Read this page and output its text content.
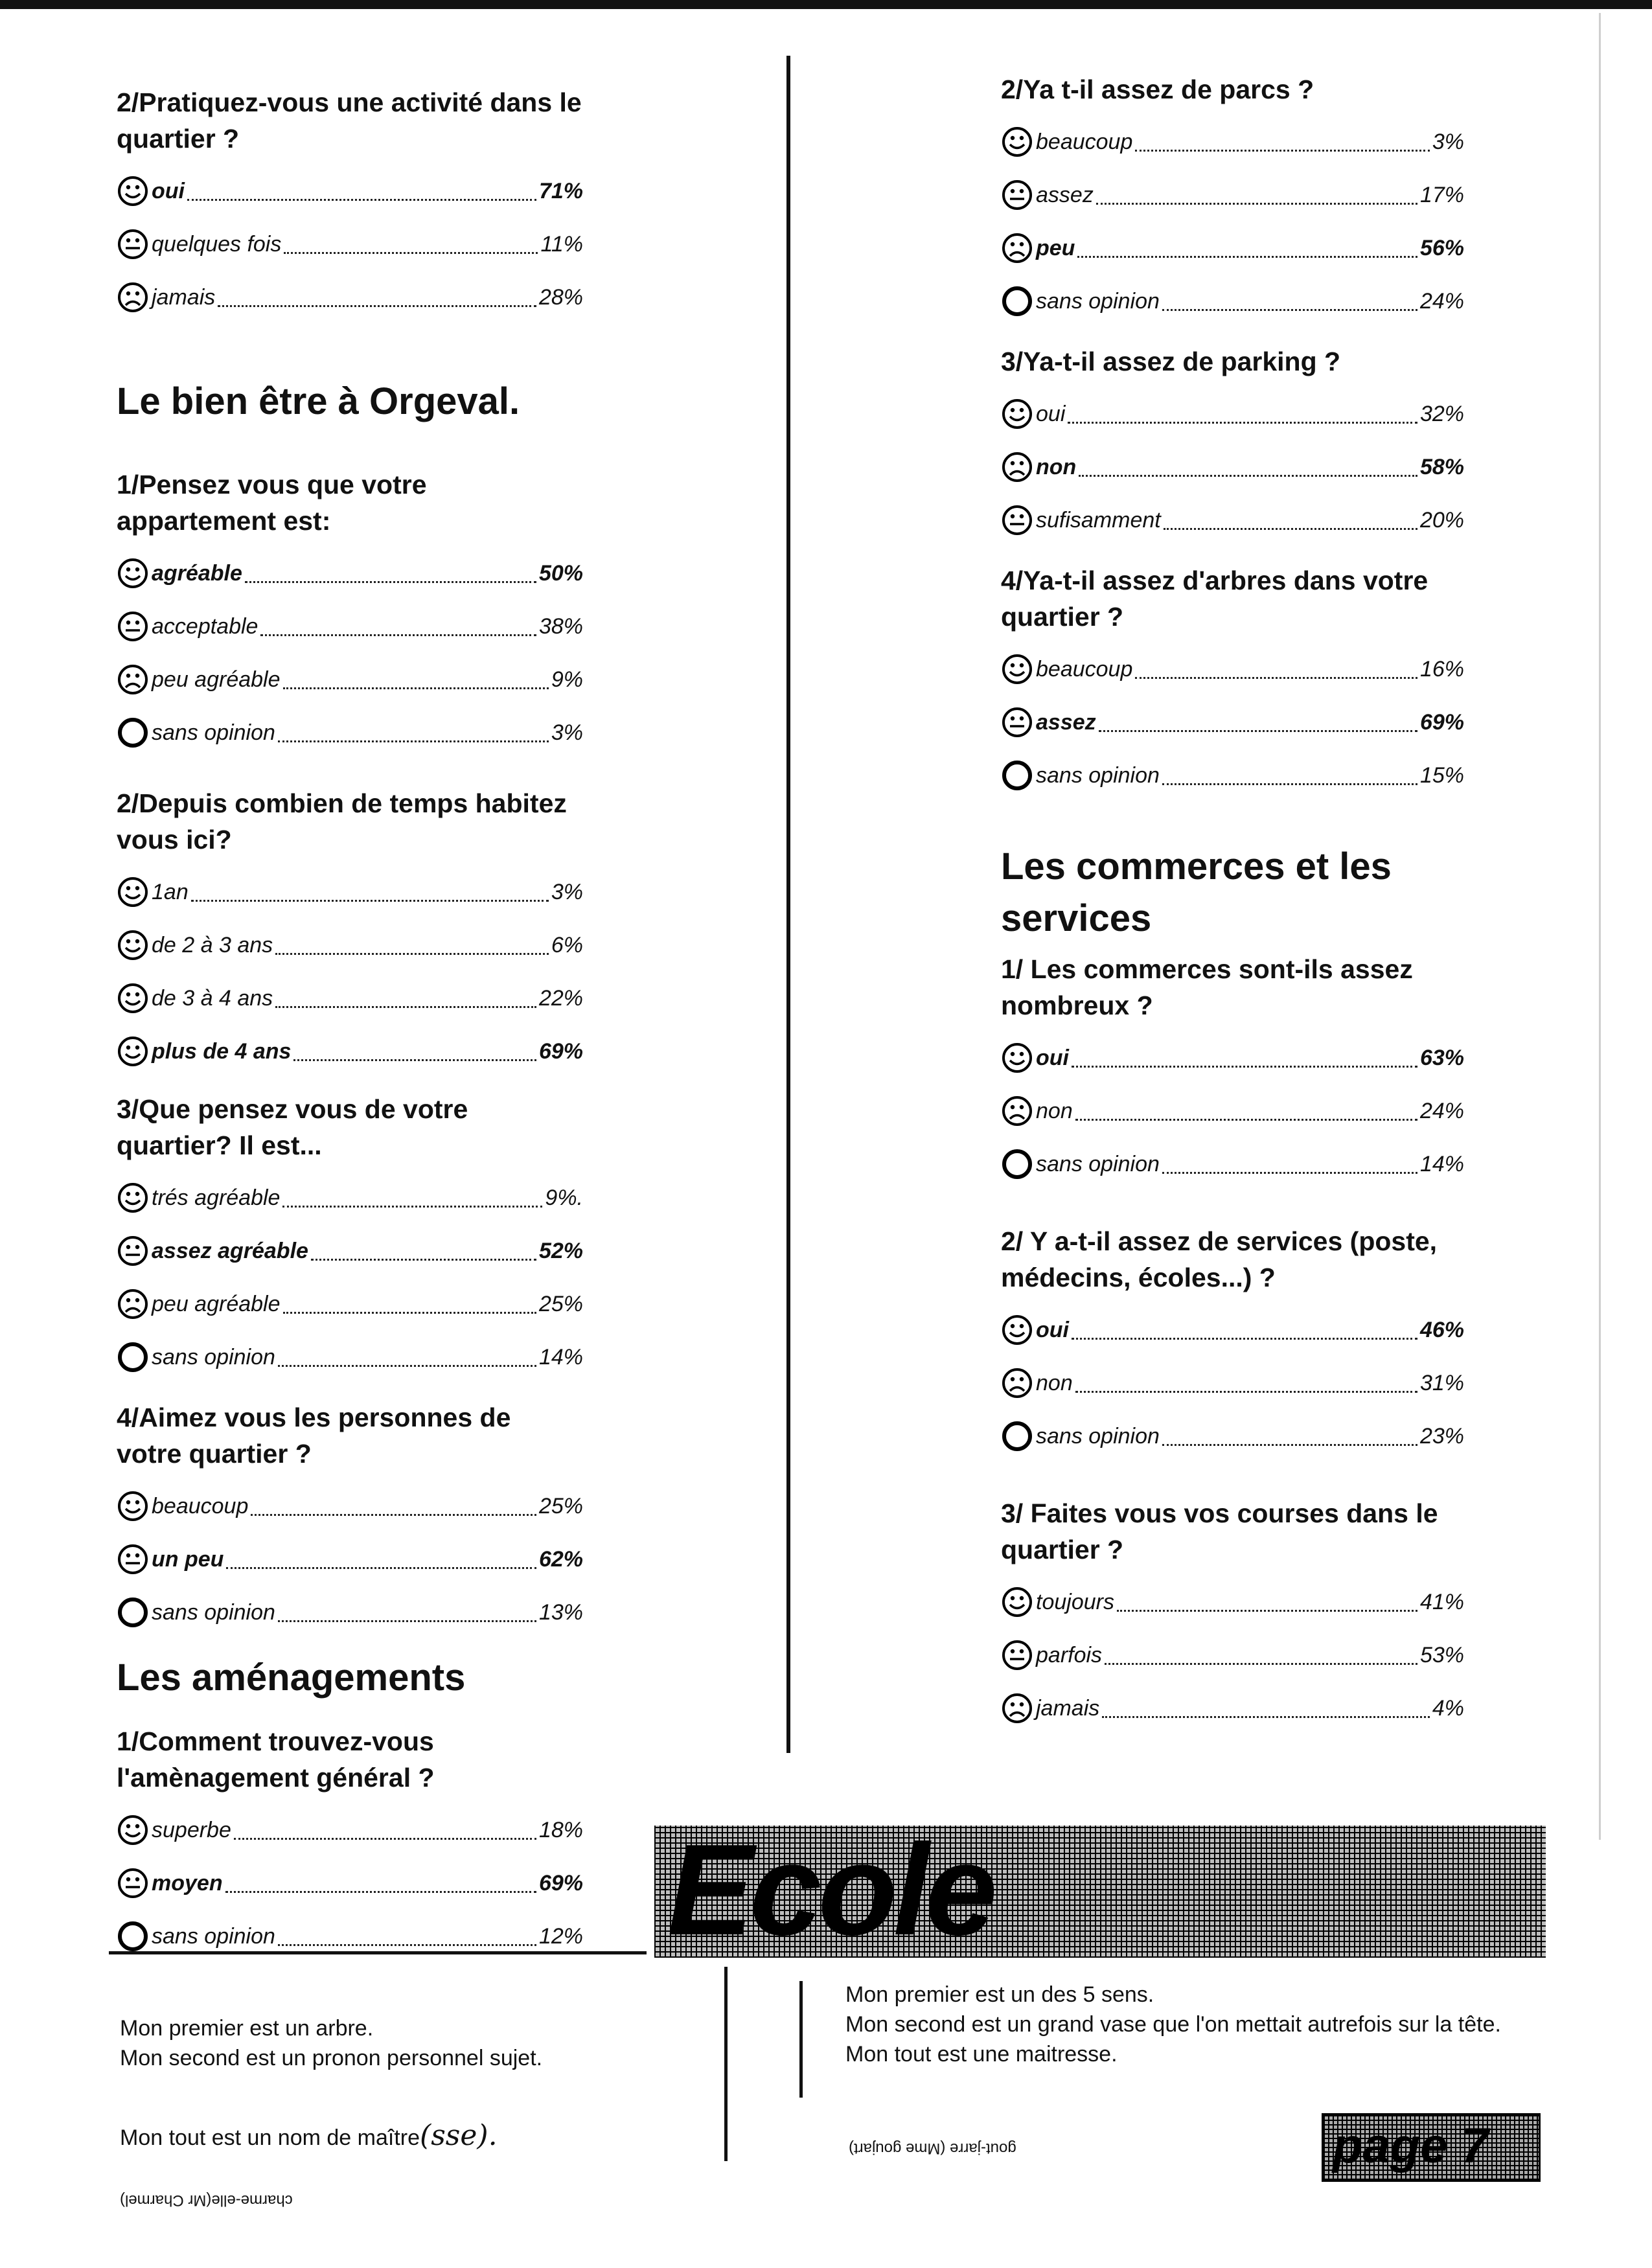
2/Pratiquez-vous une activité dans le quartier ?

oui	71%
quelques fois	11%
jamais	28%
Le bien être à Orgeval.

1/Pensez vous que votre appartement est:

agréable	50%
acceptable	38%
peu agréable	9%
sans opinion	3%

2/Depuis combien de temps habitez vous ici?

1an	3%
de 2 à 3 ans	6%
de 3 à 4 ans	22%
plus de 4 ans	69%

3/Que pensez vous de votre quartier? Il est...

trés agréable	9%.
assez agréable	52%
peu agréable	25%
sans opinion	14%

4/Aimez vous les personnes de votre quartier ?

beaucoup	25%
un peu	62%
sans opinion	13%
Les aménagements

1/Comment trouvez-vous l'amènagement général ?

superbe	18%
moyen	69%
sans opinion	12%

2/Ya t-il assez de parcs ?

beaucoup	3%
assez	17%
peu	56%
sans opinion	24%

3/Ya-t-il assez de parking ?

oui	32%
non	58%
sufisamment	20%

4/Ya-t-il assez d'arbres dans votre quartier ?

beaucoup	16%
assez	69%
sans opinion	15%
Les commerces et les services

1/ Les commerces sont-ils assez nombreux ?

oui	63%
non	24%
sans opinion	14%

2/ Y a-t-il assez de services (poste, médecins, écoles...) ?

oui	46%
non	31%
sans opinion	23%

3/ Faites vous vos courses dans le quartier ?

toujours	41%
parfois	53%
jamais	4%
Ecole

Mon premier est un arbre.

Mon second est un pronon personnel sujet.

Mon tout est un nom de maître(sse).

charme-elle(Mr Charmel)

Mon premier est un des 5 sens.

Mon second est un grand vase que l'on mettait autrefois sur la tête.

Mon tout est une maitresse.

gout-jarre (Mme goujart)	page 7
